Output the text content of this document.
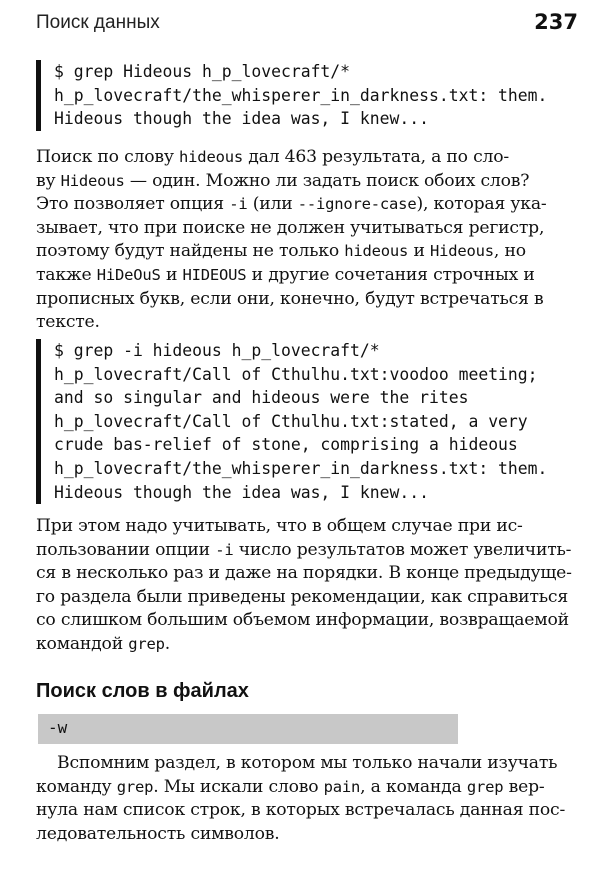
Поиск данных	237
$ grep Hideous h_p_lovecraft/*
h_p_lovecraft/the_whisperer_in_darkness.txt: them.
Hideous though the idea was, I knew...
Поиск по слову hideous дал 463 результата, а по сло-
ву Hideous — один. Можно ли задать поиск обоих слов?
Это позволяет опция -i (или --ignore-case), которая ука-
зывает, что при поиске не должен учитываться регистр,
поэтому будут найдены не только hideous и Hideous, но
также HiDeOuS и HIDEOUS и другие сочетания строчных и
прописных букв, если они, конечно, будут встречаться в
тексте.
$ grep -i hideous h_p_lovecraft/*
h_p_lovecraft/Call of Cthulhu.txt:voodoo meeting;
and so singular and hideous were the rites
h_p_lovecraft/Call of Cthulhu.txt:stated, a very
crude bas-relief of stone, comprising a hideous
h_p_lovecraft/the_whisperer_in_darkness.txt: them.
Hideous though the idea was, I knew...
При этом надо учитывать, что в общем случае при ис-
пользовании опции -i число результатов может увеличить-
ся в несколько раз и даже на порядки. В конце предыдуще-
го раздела были приведены рекомендации, как справиться
со слишком большим объемом информации, возвращаемой
командой grep.
Поиск слов в файлах
-w
Вспомним раздел, в котором мы только начали изучать
команду grep. Мы искали слово pain, а команда grep вер-
нула нам список строк, в которых встречалась данная пос-
ледовательность символов.
